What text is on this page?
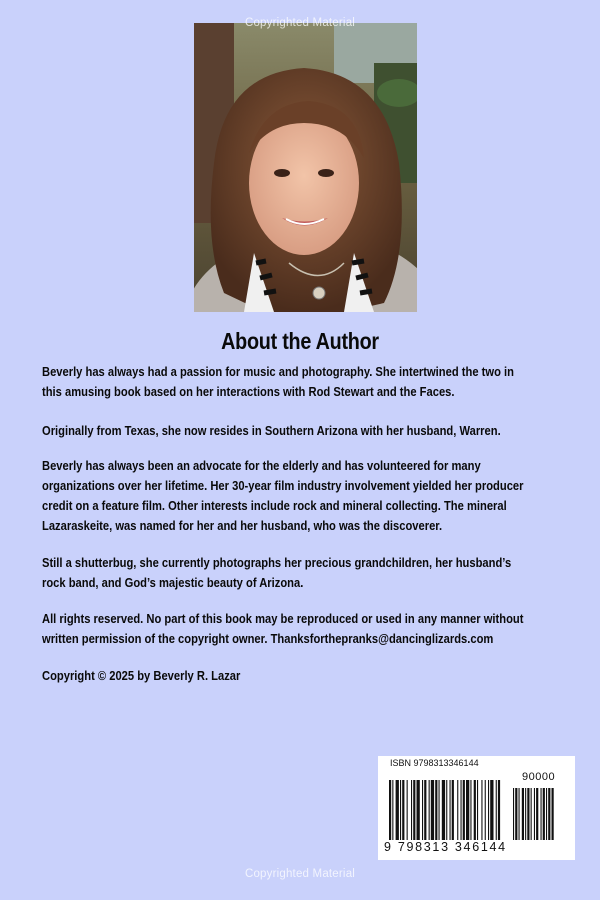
Copyrighted Material
About the Author
Beverly has always had a passion for music and photography. She intertwined the two in
this amusing book based on her interactions with Rod Stewart and the Faces.
Originally from Texas, she now resides in Southern Arizona with her husband, Warren.
Beverly has always been an advocate for the elderly and has volunteered for many
organizations over her lifetime. Her 30-year film industry involvement yielded her producer
credit on a feature film. Other interests include rock and mineral collecting. The mineral
Lazaraskeite, was named for her and her husband, who was the discoverer.
Still a shutterbug, she currently photographs her precious grandchildren, her husband’s
rock band, and God’s majestic beauty of Arizona.
All rights reserved. No part of this book may be reproduced or used in any manner without
written permission of the copyright owner. Thanksforthepranks@dancinglizards.com
Copyright © 2025 by Beverly R. Lazar
ISBN 9798313346144
90000
9 798313 346144
Copyrighted Material
